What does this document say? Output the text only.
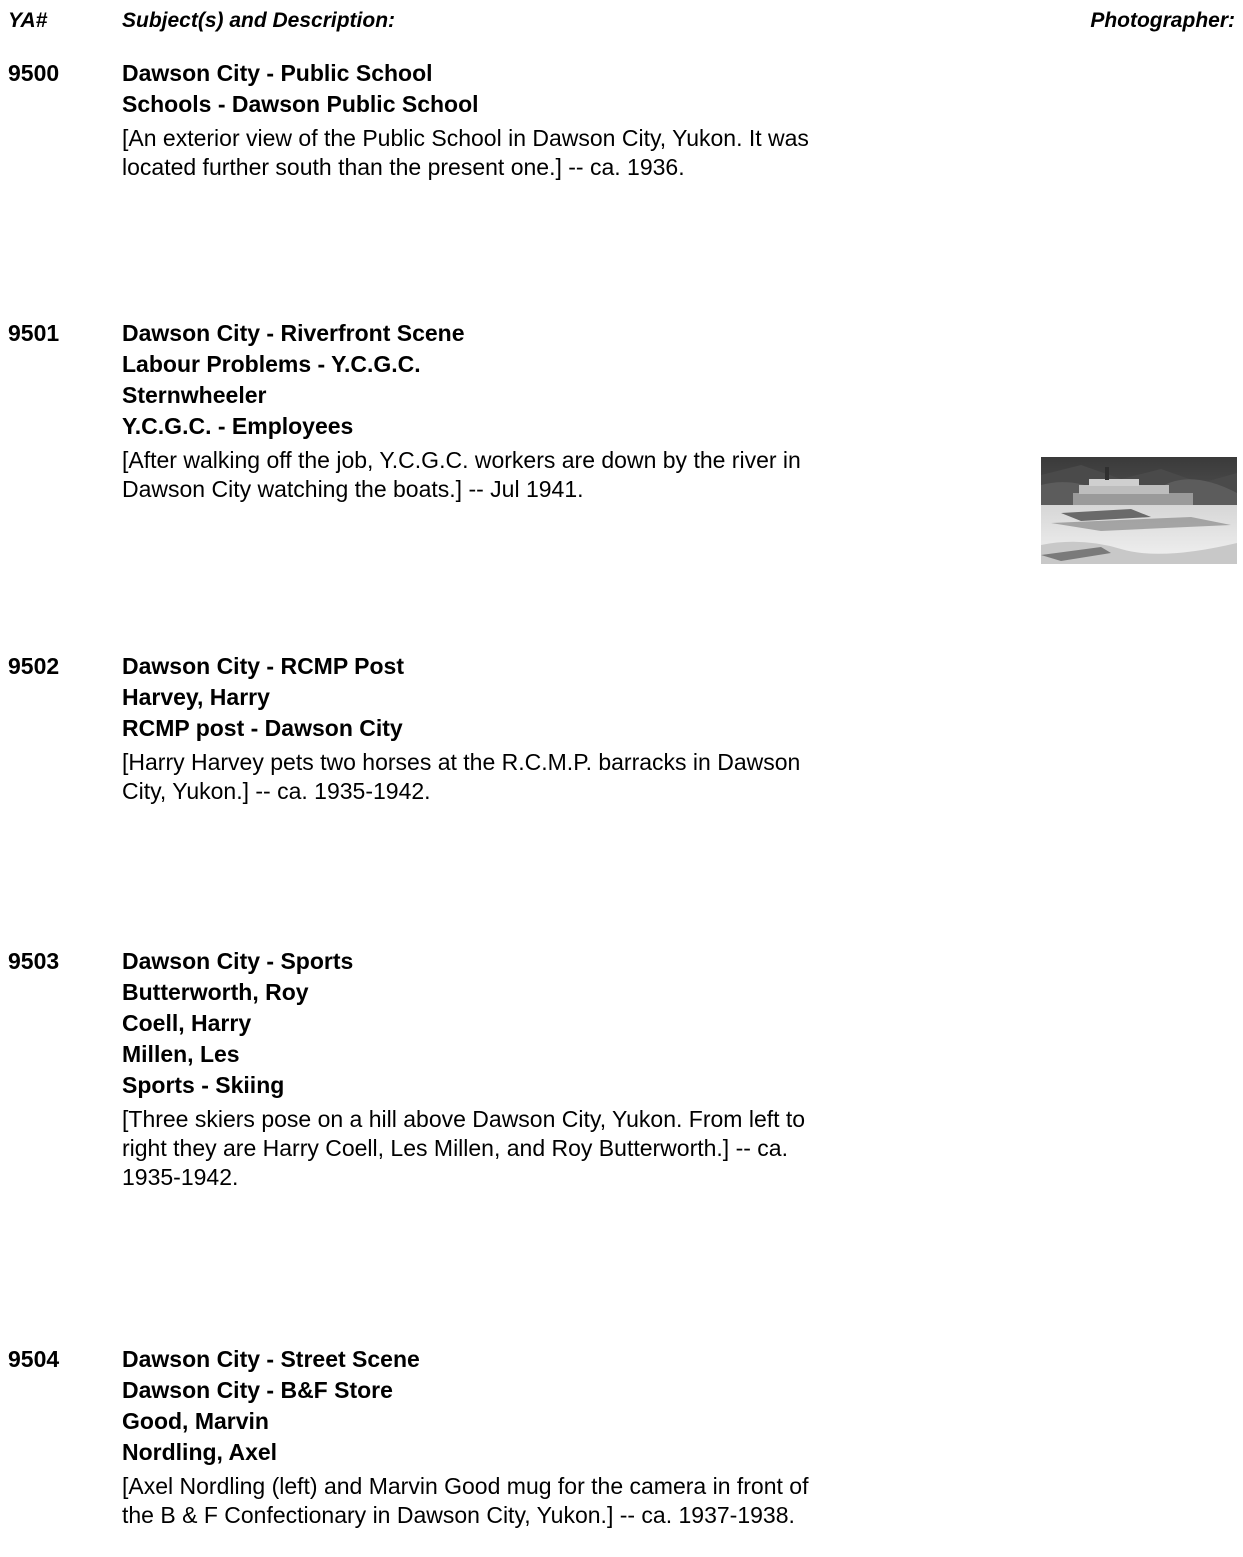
YA#	Subject(s) and Description:	Photographer:
9500	Dawson City - Public School
Schools - Dawson Public School
[An exterior view of the Public School in Dawson City, Yukon. It was located further south than the present one.] -- ca. 1936.
9501	Dawson City - Riverfront Scene
Labour Problems - Y.C.G.C.
Sternwheeler
Y.C.G.C. - Employees
[After walking off the job, Y.C.G.C. workers are down by the river in Dawson City watching the boats.] -- Jul 1941.
9502	Dawson City - RCMP Post
Harvey, Harry
RCMP post - Dawson City
[Harry Harvey pets two horses at the R.C.M.P. barracks in Dawson City, Yukon.] -- ca. 1935-1942.
9503	Dawson City - Sports
Butterworth, Roy
Coell, Harry
Millen, Les
Sports - Skiing
[Three skiers pose on a hill above Dawson City, Yukon. From left to right they are Harry Coell, Les Millen, and Roy Butterworth.] -- ca. 1935-1942.
9504	Dawson City - Street Scene
Dawson City - B&F Store
Good, Marvin
Nordling, Axel
[Axel Nordling (left) and Marvin Good mug for the camera in front of the B & F Confectionary in Dawson City, Yukon.] -- ca. 1937-1938.
